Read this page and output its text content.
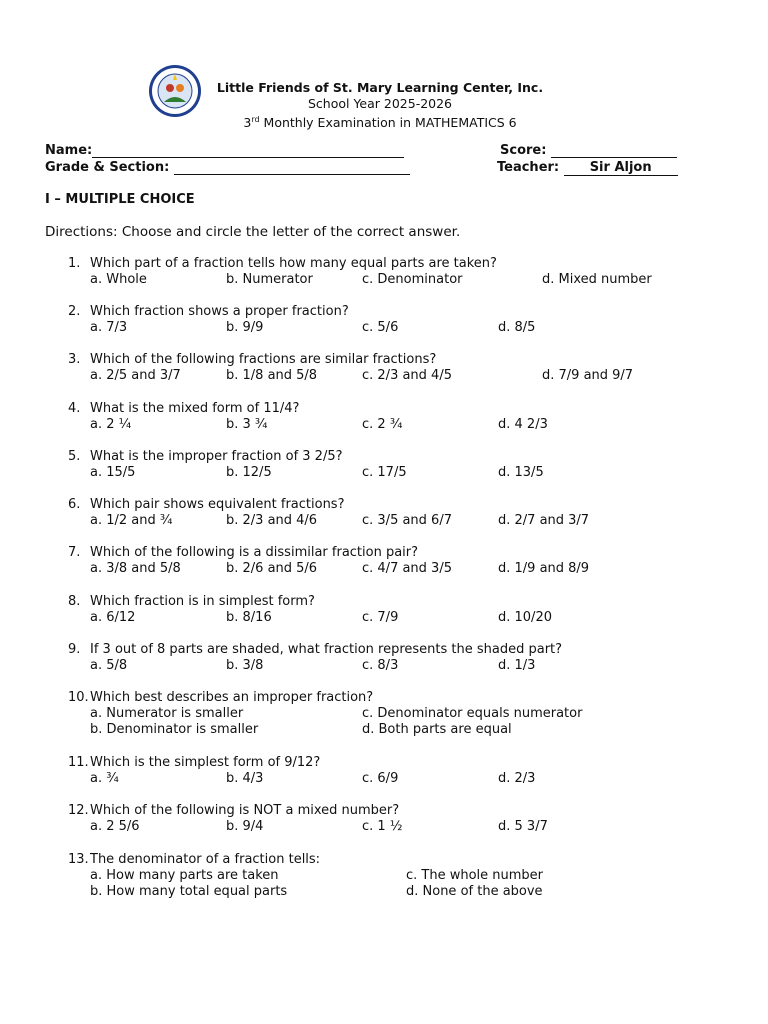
Little Friends of St. Mary Learning Center, Inc.
School Year 2025-2026
3rd Monthly Examination in MATHEMATICS 6
Name:
Grade & Section:
Score:
Teacher: Sir Aljon
I – MULTIPLE CHOICE
Directions: Choose and circle the letter of the correct answer.
1. Which part of a fraction tells how many equal parts are taken?
a. Whole	b. Numerator	c. Denominator	d. Mixed number
2. Which fraction shows a proper fraction?
a. 7/3	b. 9/9	c. 5/6	d. 8/5
3. Which of the following fractions are similar fractions?
a. 2/5 and 3/7	b. 1/8 and 5/8	c. 2/3 and 4/5	d. 7/9 and 9/7
4. What is the mixed form of 11/4?
a. 2 ¼	b. 3 ¾	c. 2 ¾	d. 4 2/3
5. What is the improper fraction of 3 2/5?
a. 15/5	b. 12/5	c. 17/5	d. 13/5
6. Which pair shows equivalent fractions?
a. 1/2 and ¾	b. 2/3 and 4/6	c. 3/5 and 6/7	d. 2/7 and 3/7
7. Which of the following is a dissimilar fraction pair?
a. 3/8 and 5/8	b. 2/6 and 5/6	c. 4/7 and 3/5	d. 1/9 and 8/9
8. Which fraction is in simplest form?
a. 6/12	b. 8/16	c. 7/9	d. 10/20
9. If 3 out of 8 parts are shaded, what fraction represents the shaded part?
a. 5/8	b. 3/8	c. 8/3	d. 1/3
10. Which best describes an improper fraction?
a. Numerator is smaller
b. Denominator is smaller
c. Denominator equals numerator
d. Both parts are equal
11. Which is the simplest form of 9/12?
a. ¾	b. 4/3	c. 6/9	d. 2/3
12. Which of the following is NOT a mixed number?
a. 2 5/6	b. 9/4	c. 1 ½	d. 5 3/7
13. The denominator of a fraction tells:
a. How many parts are taken
b. How many total equal parts
c. The whole number
d. None of the above
